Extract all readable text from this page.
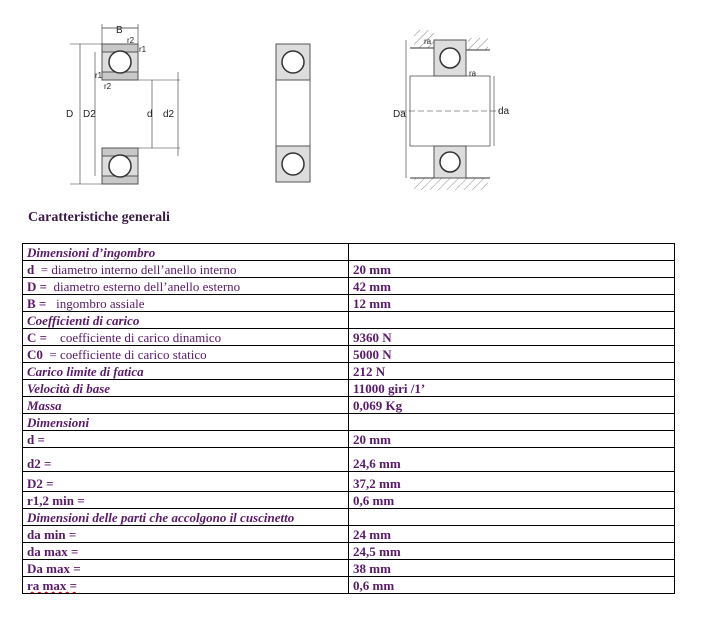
B
r2
r1
r1
r2
D D2	d d2
ra
ra
Da	da
Caratteristiche generali
Dimensioni d’ingombro	
d  = diametro interno dell’anello interno	20 mm
D =  diametro esterno dell’anello esterno	42 mm
B =   ingombro assiale	12 mm
Coefficienti di carico	
C =    coefficiente di carico dinamico	9360 N
C0  = coefficiente di carico statico	5000 N
Carico limite di fatica	212 N
Velocità di base	11000 giri /1’
Massa	0,069 Kg
Dimensioni	
d =	20 mm
d2 =	24,6 mm
D2 =	37,2 mm
r1,2 min =	0,6 mm
Dimensioni delle parti che accolgono il cuscinetto	
da min =	24 mm
da max =	24,5 mm
Da max =	38 mm
ra max =	0,6 mm
